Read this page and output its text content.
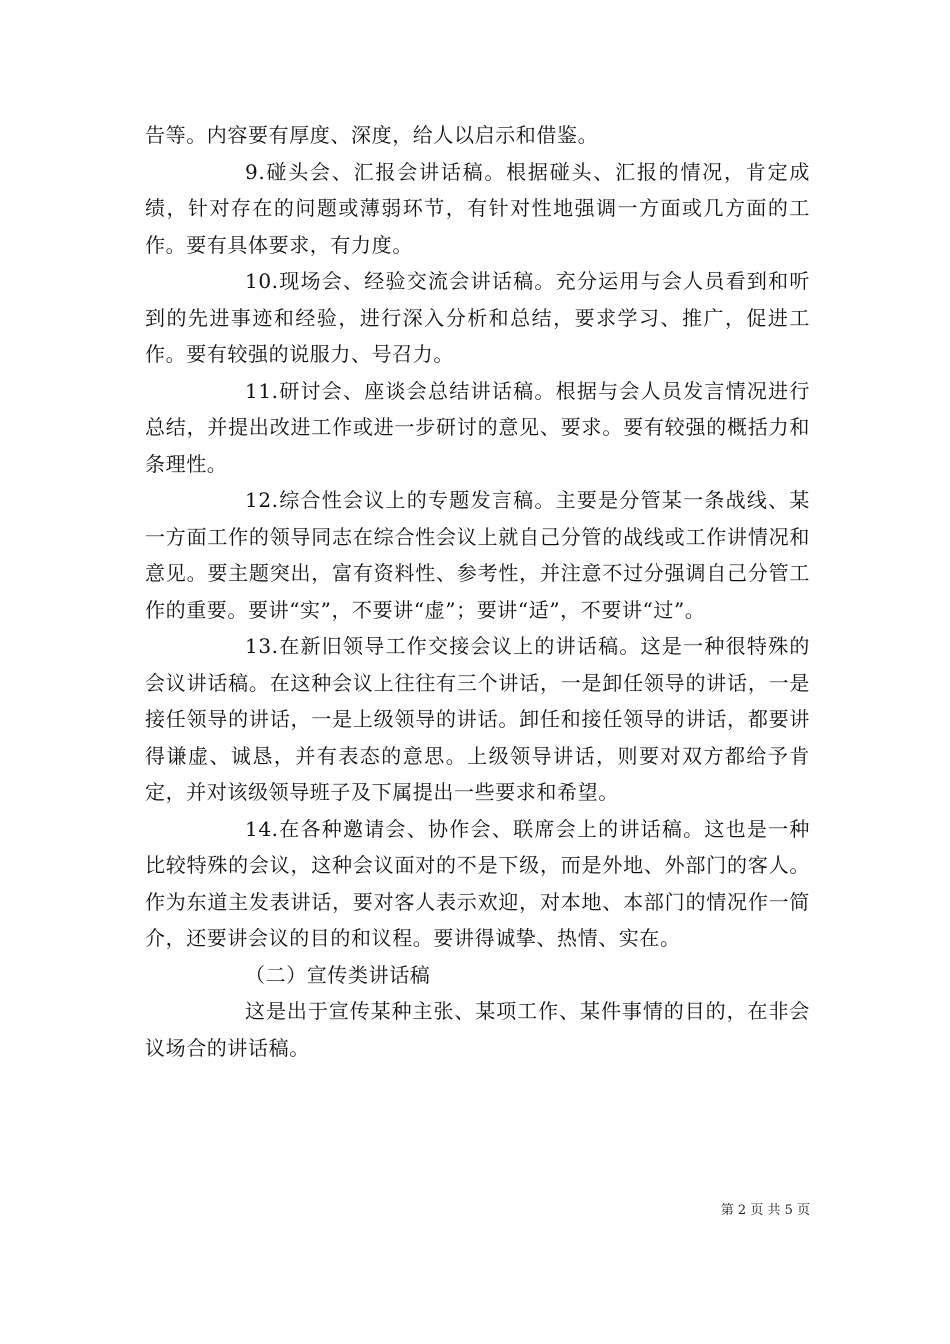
告等。内容要有厚度、深度，给人以启示和借鉴。

9.碰头会、汇报会讲话稿。根据碰头、汇报的情况，肯定成绩，针对存在的问题或薄弱环节，有针对性地强调一方面或几方面的工作。要有具体要求，有力度。

10.现场会、经验交流会讲话稿。充分运用与会人员看到和听到的先进事迹和经验，进行深入分析和总结，要求学习、推广，促进工作。要有较强的说服力、号召力。

11.研讨会、座谈会总结讲话稿。根据与会人员发言情况进行总结，并提出改进工作或进一步研讨的意见、要求。要有较强的概括力和条理性。

12.综合性会议上的专题发言稿。主要是分管某一条战线、某一方面工作的领导同志在综合性会议上就自己分管的战线或工作讲情况和意见。要主题突出，富有资料性、参考性，并注意不过分强调自己分管工作的重要。要讲“实”，不要讲“虚”；要讲“适”，不要讲“过”。

13.在新旧领导工作交接会议上的讲话稿。这是一种很特殊的会议讲话稿。在这种会议上往往有三个讲话，一是卸任领导的讲话，一是接任领导的讲话，一是上级领导的讲话。卸任和接任领导的讲话，都要讲得谦虚、诚恳，并有表态的意思。上级领导讲话，则要对双方都给予肯定，并对该级领导班子及下属提出一些要求和希望。

14.在各种邀请会、协作会、联席会上的讲话稿。这也是一种比较特殊的会议，这种会议面对的不是下级，而是外地、外部门的客人。作为东道主发表讲话，要对客人表示欢迎，对本地、本部门的情况作一简介，还要讲会议的目的和议程。要讲得诚挚、热情、实在。

（二）宣传类讲话稿

这是出于宣传某种主张、某项工作、某件事情的目的，在非会议场合的讲话稿。

第 2 页 共 5 页
